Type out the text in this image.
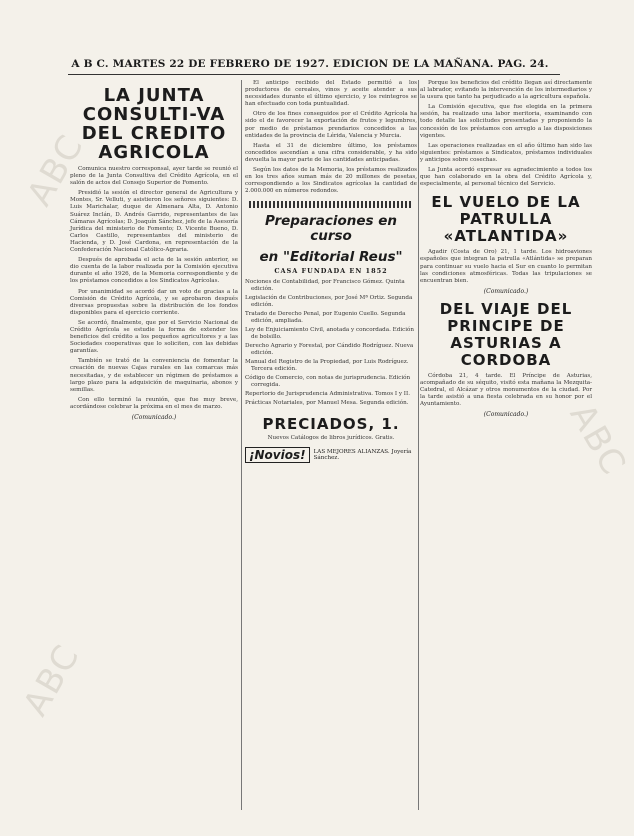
ABC
ABC
ABC
A B C. MARTES 22 DE FEBRERO DE 1927. EDICION DE LA MAÑANA. PAG. 24.
LA JUNTA CONSULTI-VA DEL CREDITO AGRICOLA

Comunica nuestro corresponsal, ayer tarde se reunió el pleno de la Junta Consultiva del Crédito Agrícola, en el salón de actos del Consejo Superior de Fomento.

Presidió la sesión el director general de Agricultura y Montes, Sr. Velluti, y asistieron los señores siguientes: D. Luis Marichalar, duque de Almenara Alta, D. Antonio Suárez Inclán, D. Andrés Garrido, representantes de las Cámaras Agrícolas; D. Joaquín Sánchez, jefe de la Asesoría Jurídica del ministerio de Fomento; D. Vicente Bueno, D. Carlos Castillo, representantes del ministerio de Hacienda, y D. José Cardona, en representación de la Confederación Nacional Católico-Agraria.

Después de aprobada el acta de la sesión anterior, se dio cuenta de la labor realizada por la Comisión ejecutiva durante el año 1926, de la Memoria correspondiente y de los préstamos concedidos a los Sindicatos Agrícolas.

Por unanimidad se acordó dar un voto de gracias a la Comisión de Crédito Agrícola, y se aprobaron después diversas propuestas sobre la distribución de los fondos disponibles para el ejercicio corriente.

Se acordó, finalmente, que por el Servicio Nacional de Crédito Agrícola se estudie la forma de extender los beneficios del crédito a los pequeños agricultores y a las Sociedades cooperativas que lo soliciten, con las debidas garantías.

También se trató de la conveniencia de fomentar la creación de nuevas Cajas rurales en las comarcas más necesitadas, y de establecer un régimen de préstamos a largo plazo para la adquisición de maquinaria, abonos y semillas.

Con ello terminó la reunión, que fue muy breve, acordándose celebrar la próxima en el mes de marzo.

(Comunicado.)

El anticipo recibido del Estado permitió a los productores de cereales, vinos y aceite atender a sus necesidades durante el último ejercicio, y los reintegros se han efectuado con toda puntualidad.

Otro de los fines conseguidos por el Crédito Agrícola ha sido el de favorecer la exportación de frutos y legumbres, por medio de préstamos prendarios concedidos a las entidades de la provincia de Lérida, Valencia y Murcia.

Hasta el 31 de diciembre último, los préstamos concedidos ascendían a una cifra considerable, y ha sido devuelta la mayor parte de las cantidades anticipadas.

Según los datos de la Memoria, los préstamos realizados en los tres años suman más de 20 millones de pesetas, correspondiendo a los Sindicatos agrícolas la cantidad de 2.000.000 en números redondos.

Preparaciones en curso
en "Editorial Reus"
CASA FUNDADA EN 1852
Nociones de Contabilidad, por Francisco Gómez. Quinta edición.
Legislación de Contribuciones, por José Mª Ortiz. Segunda edición.
Tratado de Derecho Penal, por Eugenio Cuello. Segunda edición, ampliada.
Ley de Enjuiciamiento Civil, anotada y concordada. Edición de bolsillo.
Derecho Agrario y Forestal, por Cándido Rodríguez. Nueva edición.
Manual del Registro de la Propiedad, por Luis Rodríguez. Tercera edición.
Código de Comercio, con notas de jurisprudencia. Edición corregida.
Repertorio de Jurisprudencia Administrativa. Tomos I y II.
Prácticas Notariales, por Manuel Mesa. Segunda edición.
PRECIADOS, 1.
Nuevos Catálogos de libros jurídicos. Gratis.
¡Novios!	LAS MEJORES ALIANZAS. Joyería Sánchez.

Porque los beneficios del crédito llegan así directamente al labrador, evitando la intervención de los intermediarios y la usura que tanto ha perjudicado a la agricultura española.

La Comisión ejecutiva, que fue elegida en la primera sesión, ha realizado una labor meritoria, examinando con todo detalle las solicitudes presentadas y proponiendo la concesión de los préstamos con arreglo a las disposiciones vigentes.

Las operaciones realizadas en el año último han sido las siguientes: préstamos a Sindicatos, préstamos individuales y anticipos sobre cosechas.

La Junta acordó expresar su agradecimiento a todos los que han colaborado en la obra del Crédito Agrícola y, especialmente, al personal técnico del Servicio.

EL VUELO DE LA PATRULLA «ATLANTIDA»

Agadir (Costa de Oro) 21, 1 tarde. Los hidroaviones españoles que integran la patrulla «Atlántida» se preparan para continuar su vuelo hacia el Sur en cuanto lo permitan las condiciones atmosféricas. Todas las tripulaciones se encuentran bien.

(Comunicado.)
DEL VIAJE DEL PRINCIPE DE ASTURIAS A CORDOBA

Córdoba 21, 4 tarde. El Príncipe de Asturias, acompañado de su séquito, visitó esta mañana la Mezquita-Catedral, el Alcázar y otros monumentos de la ciudad. Por la tarde asistió a una fiesta celebrada en su honor por el Ayuntamiento.

(Comunicado.)
